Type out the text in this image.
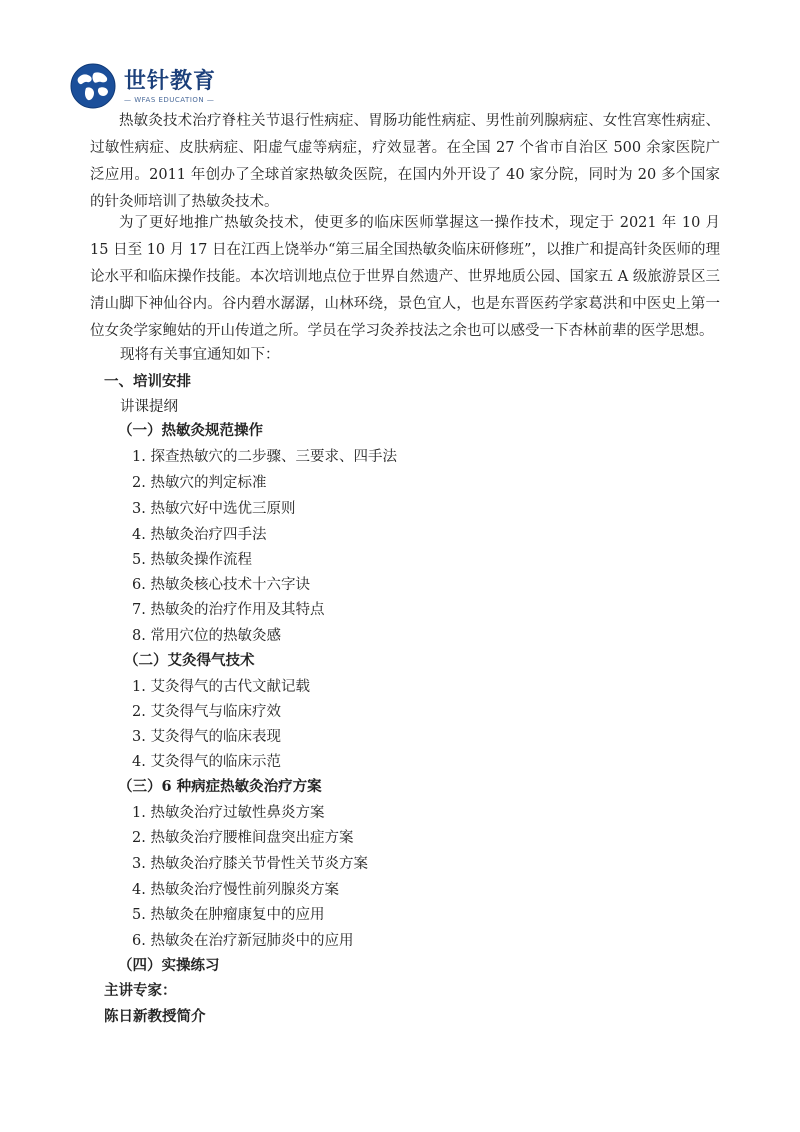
世针教育
— WFAS EDUCATION —

热敏灸技术治疗脊柱关节退行性病症、胃肠功能性病症、男性前列腺病症、女性宫寒性病症、过敏性病症、皮肤病症、阳虚气虚等病症，疗效显著。在全国 27 个省市自治区 500 余家医院广泛应用。2011 年创办了全球首家热敏灸医院，在国内外开设了 40 家分院，同时为 20 多个国家的针灸师培训了热敏灸技术。

为了更好地推广热敏灸技术，使更多的临床医师掌握这一操作技术，现定于 2021 年 10 月 15 日至 10 月 17 日在江西上饶举办“第三届全国热敏灸临床研修班”，以推广和提高针灸医师的理论水平和临床操作技能。本次培训地点位于世界自然遗产、世界地质公园、国家五 A 级旅游景区三清山脚下神仙谷内。谷内碧水潺潺，山林环绕，景色宜人，也是东晋医药学家葛洪和中医史上第一位女灸学家鲍姑的开山传道之所。学员在学习灸养技法之余也可以感受一下杏林前辈的医学思想。

现将有关事宜通知如下：

一、培训安排
讲课提纲
（一）热敏灸规范操作
1. 探查热敏穴的二步骤、三要求、四手法
2. 热敏穴的判定标准
3. 热敏穴好中选优三原则
4. 热敏灸治疗四手法
5. 热敏灸操作流程
6. 热敏灸核心技术十六字诀
7. 热敏灸的治疗作用及其特点
8. 常用穴位的热敏灸感
（二）艾灸得气技术
1. 艾灸得气的古代文献记载
2. 艾灸得气与临床疗效
3. 艾灸得气的临床表现
4. 艾灸得气的临床示范
（三）6 种病症热敏灸治疗方案
1. 热敏灸治疗过敏性鼻炎方案
2. 热敏灸治疗腰椎间盘突出症方案
3. 热敏灸治疗膝关节骨性关节炎方案
4. 热敏灸治疗慢性前列腺炎方案
5. 热敏灸在肿瘤康复中的应用
6. 热敏灸在治疗新冠肺炎中的应用
（四）实操练习
主讲专家：
陈日新教授简介
